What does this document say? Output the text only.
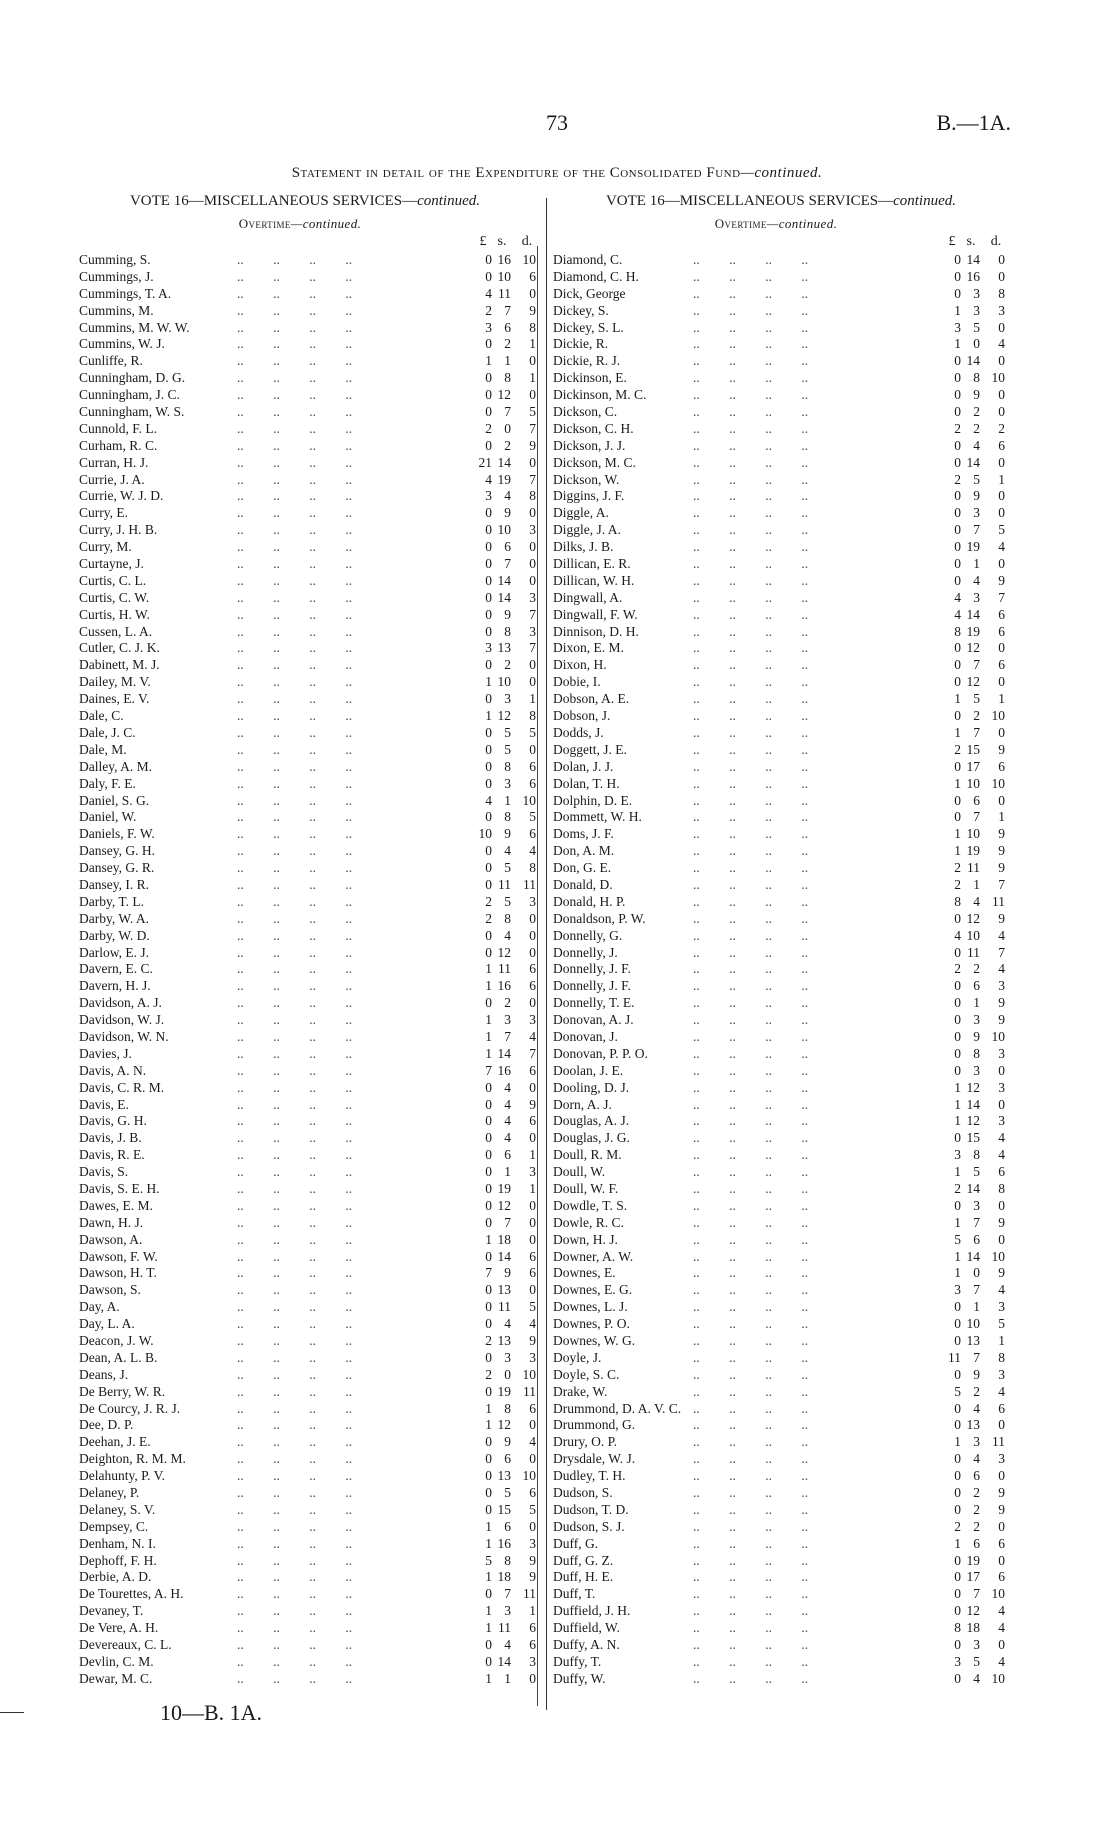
73	B.—1A.
Statement in detail of the Expenditure of the Consolidated Fund—continued.
VOTE 16—MISCELLANEOUS SERVICES—continued.
Overtime—continued.
VOTE 16—MISCELLANEOUS SERVICES—continued.
Overtime—continued.
£ s.	d.
Cumming, S.	.. .. .. ..	0 16 10
Cummings, J.	.. .. .. ..	0 10	6
Cummings, T. A.	.. .. .. ..	4 11	0
Cummins, M.	.. .. .. ..	2 7	9
Cummins, M. W. W.	.. .. .. ..	3 6	8
Cummins, W. J.	.. .. .. ..	0 2	1
Cunliffe, R.	.. .. .. ..	1 1	0
Cunningham, D. G.	.. .. .. ..	0 8	1
Cunningham, J. C.	.. .. .. ..	0 12	0
Cunningham, W. S.	.. .. .. ..	0 7	5
Cunnold, F. L.	.. .. .. ..	2 0	7
Curham, R. C.	.. .. .. ..	0 2	9
Curran, H. J.	.. .. .. ..	21 14	0
Currie, J. A.	.. .. .. ..	4 19	7
Currie, W. J. D.	.. .. .. ..	3 4	8
Curry, E.	.. .. .. ..	0 9	0
Curry, J. H. B.	.. .. .. ..	0 10	3
Curry, M.	.. .. .. ..	0 6	0
Curtayne, J.	.. .. .. ..	0 7	0
Curtis, C. L.	.. .. .. ..	0 14	0
Curtis, C. W.	.. .. .. ..	0 14	3
Curtis, H. W.	.. .. .. ..	0 9	7
Cussen, L. A.	.. .. .. ..	0 8	3
Cutler, C. J. K.	.. .. .. ..	3 13	7
Dabinett, M. J.	.. .. .. ..	0 2	0
Dailey, M. V.	.. .. .. ..	1 10	0
Daines, E. V.	.. .. .. ..	0 3	1
Dale, C.	.. .. .. ..	1 12	8
Dale, J. C.	.. .. .. ..	0 5	5
Dale, M.	.. .. .. ..	0 5	0
Dalley, A. M.	.. .. .. ..	0 8	6
Daly, F. E.	.. .. .. ..	0 3	6
Daniel, S. G.	.. .. .. ..	4 1 10
Daniel, W.	.. .. .. ..	0 8	5
Daniels, F. W.	.. .. .. ..	10 9	6
Dansey, G. H.	.. .. .. ..	0 4	4
Dansey, G. R.	.. .. .. ..	0 5	8
Dansey, I. R.	.. .. .. ..	0 11 11
Darby, T. L.	.. .. .. ..	2 5	3
Darby, W. A.	.. .. .. ..	2 8	0
Darby, W. D.	.. .. .. ..	0 4	0
Darlow, E. J.	.. .. .. ..	0 12	0
Davern, E. C.	.. .. .. ..	1 11	6
Davern, H. J.	.. .. .. ..	1 16	6
Davidson, A. J.	.. .. .. ..	0 2	0
Davidson, W. J.	.. .. .. ..	1 3	3
Davidson, W. N.	.. .. .. ..	1 7	4
Davies, J.	.. .. .. ..	1 14	7
Davis, A. N.	.. .. .. ..	7 16	6
Davis, C. R. M.	.. .. .. ..	0 4	0
Davis, E.	.. .. .. ..	0 4	9
Davis, G. H.	.. .. .. ..	0 4	6
Davis, J. B.	.. .. .. ..	0 4	0
Davis, R. E.	.. .. .. ..	0 6	1
Davis, S.	.. .. .. ..	0 1	3
Davis, S. E. H.	.. .. .. ..	0 19	1
Dawes, E. M.	.. .. .. ..	0 12	0
Dawn, H. J.	.. .. .. ..	0 7	0
Dawson, A.	.. .. .. ..	1 18	0
Dawson, F. W.	.. .. .. ..	0 14	6
Dawson, H. T.	.. .. .. ..	7 9	6
Dawson, S.	.. .. .. ..	0 13	0
Day, A.	.. .. .. ..	0 11	5
Day, L. A.	.. .. .. ..	0 4	4
Deacon, J. W.	.. .. .. ..	2 13	9
Dean, A. L. B.	.. .. .. ..	0 3	3
Deans, J.	.. .. .. ..	2 0 10
De Berry, W. R.	.. .. .. ..	0 19 11
De Courcy, J. R. J.	.. .. .. ..	1 8	6
Dee, D. P.	.. .. .. ..	1 12	0
Deehan, J. E.	.. .. .. ..	0 9	4
Deighton, R. M. M.	.. .. .. ..	0 6	0
Delahunty, P. V.	.. .. .. ..	0 13 10
Delaney, P.	.. .. .. ..	0 5	6
Delaney, S. V.	.. .. .. ..	0 15	5
Dempsey, C.	.. .. .. ..	1 6	0
Denham, N. I.	.. .. .. ..	1 16	3
Dephoff, F. H.	.. .. .. ..	5 8	9
Derbie, A. D.	.. .. .. ..	1 18	9
De Tourettes, A. H.	.. .. .. ..	0 7 11
Devaney, T.	.. .. .. ..	1 3	1
De Vere, A. H.	.. .. .. ..	1 11	6
Devereaux, C. L.	.. .. .. ..	0 4	6
Devlin, C. M.	.. .. .. ..	0 14	3
Dewar, M. C.	.. .. .. ..	1 1	0
£ s.	d.
Diamond, C.	.. .. .. ..	0 14	0
Diamond, C. H.	.. .. .. ..	0 16	0
Dick, George	.. .. .. ..	0 3	8
Dickey, S.	.. .. .. ..	1 3	3
Dickey, S. L.	.. .. .. ..	3 5	0
Dickie, R.	.. .. .. ..	1 0	4
Dickie, R. J.	.. .. .. ..	0 14	0
Dickinson, E.	.. .. .. ..	0 8 10
Dickinson, M. C.	.. .. .. ..	0 9	0
Dickson, C.	.. .. .. ..	0 2	0
Dickson, C. H.	.. .. .. ..	2 2	2
Dickson, J. J.	.. .. .. ..	0 4	6
Dickson, M. C.	.. .. .. ..	0 14	0
Dickson, W.	.. .. .. ..	2 5	1
Diggins, J. F.	.. .. .. ..	0 9	0
Diggle, A.	.. .. .. ..	0 3	0
Diggle, J. A.	.. .. .. ..	0 7	5
Dilks, J. B.	.. .. .. ..	0 19	4
Dillican, E. R.	.. .. .. ..	0 1	0
Dillican, W. H.	.. .. .. ..	0 4	9
Dingwall, A.	.. .. .. ..	4 3	7
Dingwall, F. W.	.. .. .. ..	4 14	6
Dinnison, D. H.	.. .. .. ..	8 19	6
Dixon, E. M.	.. .. .. ..	0 12	0
Dixon, H.	.. .. .. ..	0 7	6
Dobie, I.	.. .. .. ..	0 12	0
Dobson, A. E.	.. .. .. ..	1 5	1
Dobson, J.	.. .. .. ..	0 2 10
Dodds, J.	.. .. .. ..	1 7	0
Doggett, J. E.	.. .. .. ..	2 15	9
Dolan, J. J.	.. .. .. ..	0 17	6
Dolan, T. H.	.. .. .. ..	1 10 10
Dolphin, D. E.	.. .. .. ..	0 6	0
Dommett, W. H.	.. .. .. ..	0 7	1
Doms, J. F.	.. .. .. ..	1 10	9
Don, A. M.	.. .. .. ..	1 19	9
Don, G. E.	.. .. .. ..	2 11	9
Donald, D.	.. .. .. ..	2 1	7
Donald, H. P.	.. .. .. ..	8 4 11
Donaldson, P. W.	.. .. .. ..	0 12	9
Donnelly, G.	.. .. .. ..	4 10	4
Donnelly, J.	.. .. .. ..	0 11	7
Donnelly, J. F.	.. .. .. ..	2 2	4
Donnelly, J. F.	.. .. .. ..	0 6	3
Donnelly, T. E.	.. .. .. ..	0 1	9
Donovan, A. J.	.. .. .. ..	0 3	9
Donovan, J.	.. .. .. ..	0 9 10
Donovan, P. P. O.	.. .. .. ..	0 8	3
Doolan, J. E.	.. .. .. ..	0 3	0
Dooling, D. J.	.. .. .. ..	1 12	3
Dorn, A. J.	.. .. .. ..	1 14	0
Douglas, A. J.	.. .. .. ..	1 12	3
Douglas, J. G.	.. .. .. ..	0 15	4
Doull, R. M.	.. .. .. ..	3 8	4
Doull, W.	.. .. .. ..	1 5	6
Doull, W. F.	.. .. .. ..	2 14	8
Dowdle, T. S.	.. .. .. ..	0 3	0
Dowle, R. C.	.. .. .. ..	1 7	9
Down, H. J.	.. .. .. ..	5 6	0
Downer, A. W.	.. .. .. ..	1 14 10
Downes, E.	.. .. .. ..	1 0	9
Downes, E. G.	.. .. .. ..	3 7	4
Downes, L. J.	.. .. .. ..	0 1	3
Downes, P. O.	.. .. .. ..	0 10	5
Downes, W. G.	.. .. .. ..	0 13	1
Doyle, J.	.. .. .. ..	11 7	8
Doyle, S. C.	.. .. .. ..	0 9	3
Drake, W.	.. .. .. ..	5 2	4
Drummond, D. A. V. C. .. .. .. ..	0 4	6
Drummond, G.	.. .. .. ..	0 13	0
Drury, O. P.	.. .. .. ..	1 3 11
Drysdale, W. J.	.. .. .. ..	0 4	3
Dudley, T. H.	.. .. .. ..	0 6	0
Dudson, S.	.. .. .. ..	0 2	9
Dudson, T. D.	.. .. .. ..	0 2	9
Dudson, S. J.	.. .. .. ..	2 2	0
Duff, G.	.. .. .. ..	1 6	6
Duff, G. Z.	.. .. .. ..	0 19	0
Duff, H. E.	.. .. .. ..	0 17	6
Duff, T.	.. .. .. ..	0 7 10
Duffield, J. H.	.. .. .. ..	0 12	4
Duffield, W.	.. .. .. ..	8 18	4
Duffy, A. N.	.. .. .. ..	0 3	0
Duffy, T.	.. .. .. ..	3 5	4
Duffy, W.	.. .. .. ..	0 4 10
10—B. 1A.
